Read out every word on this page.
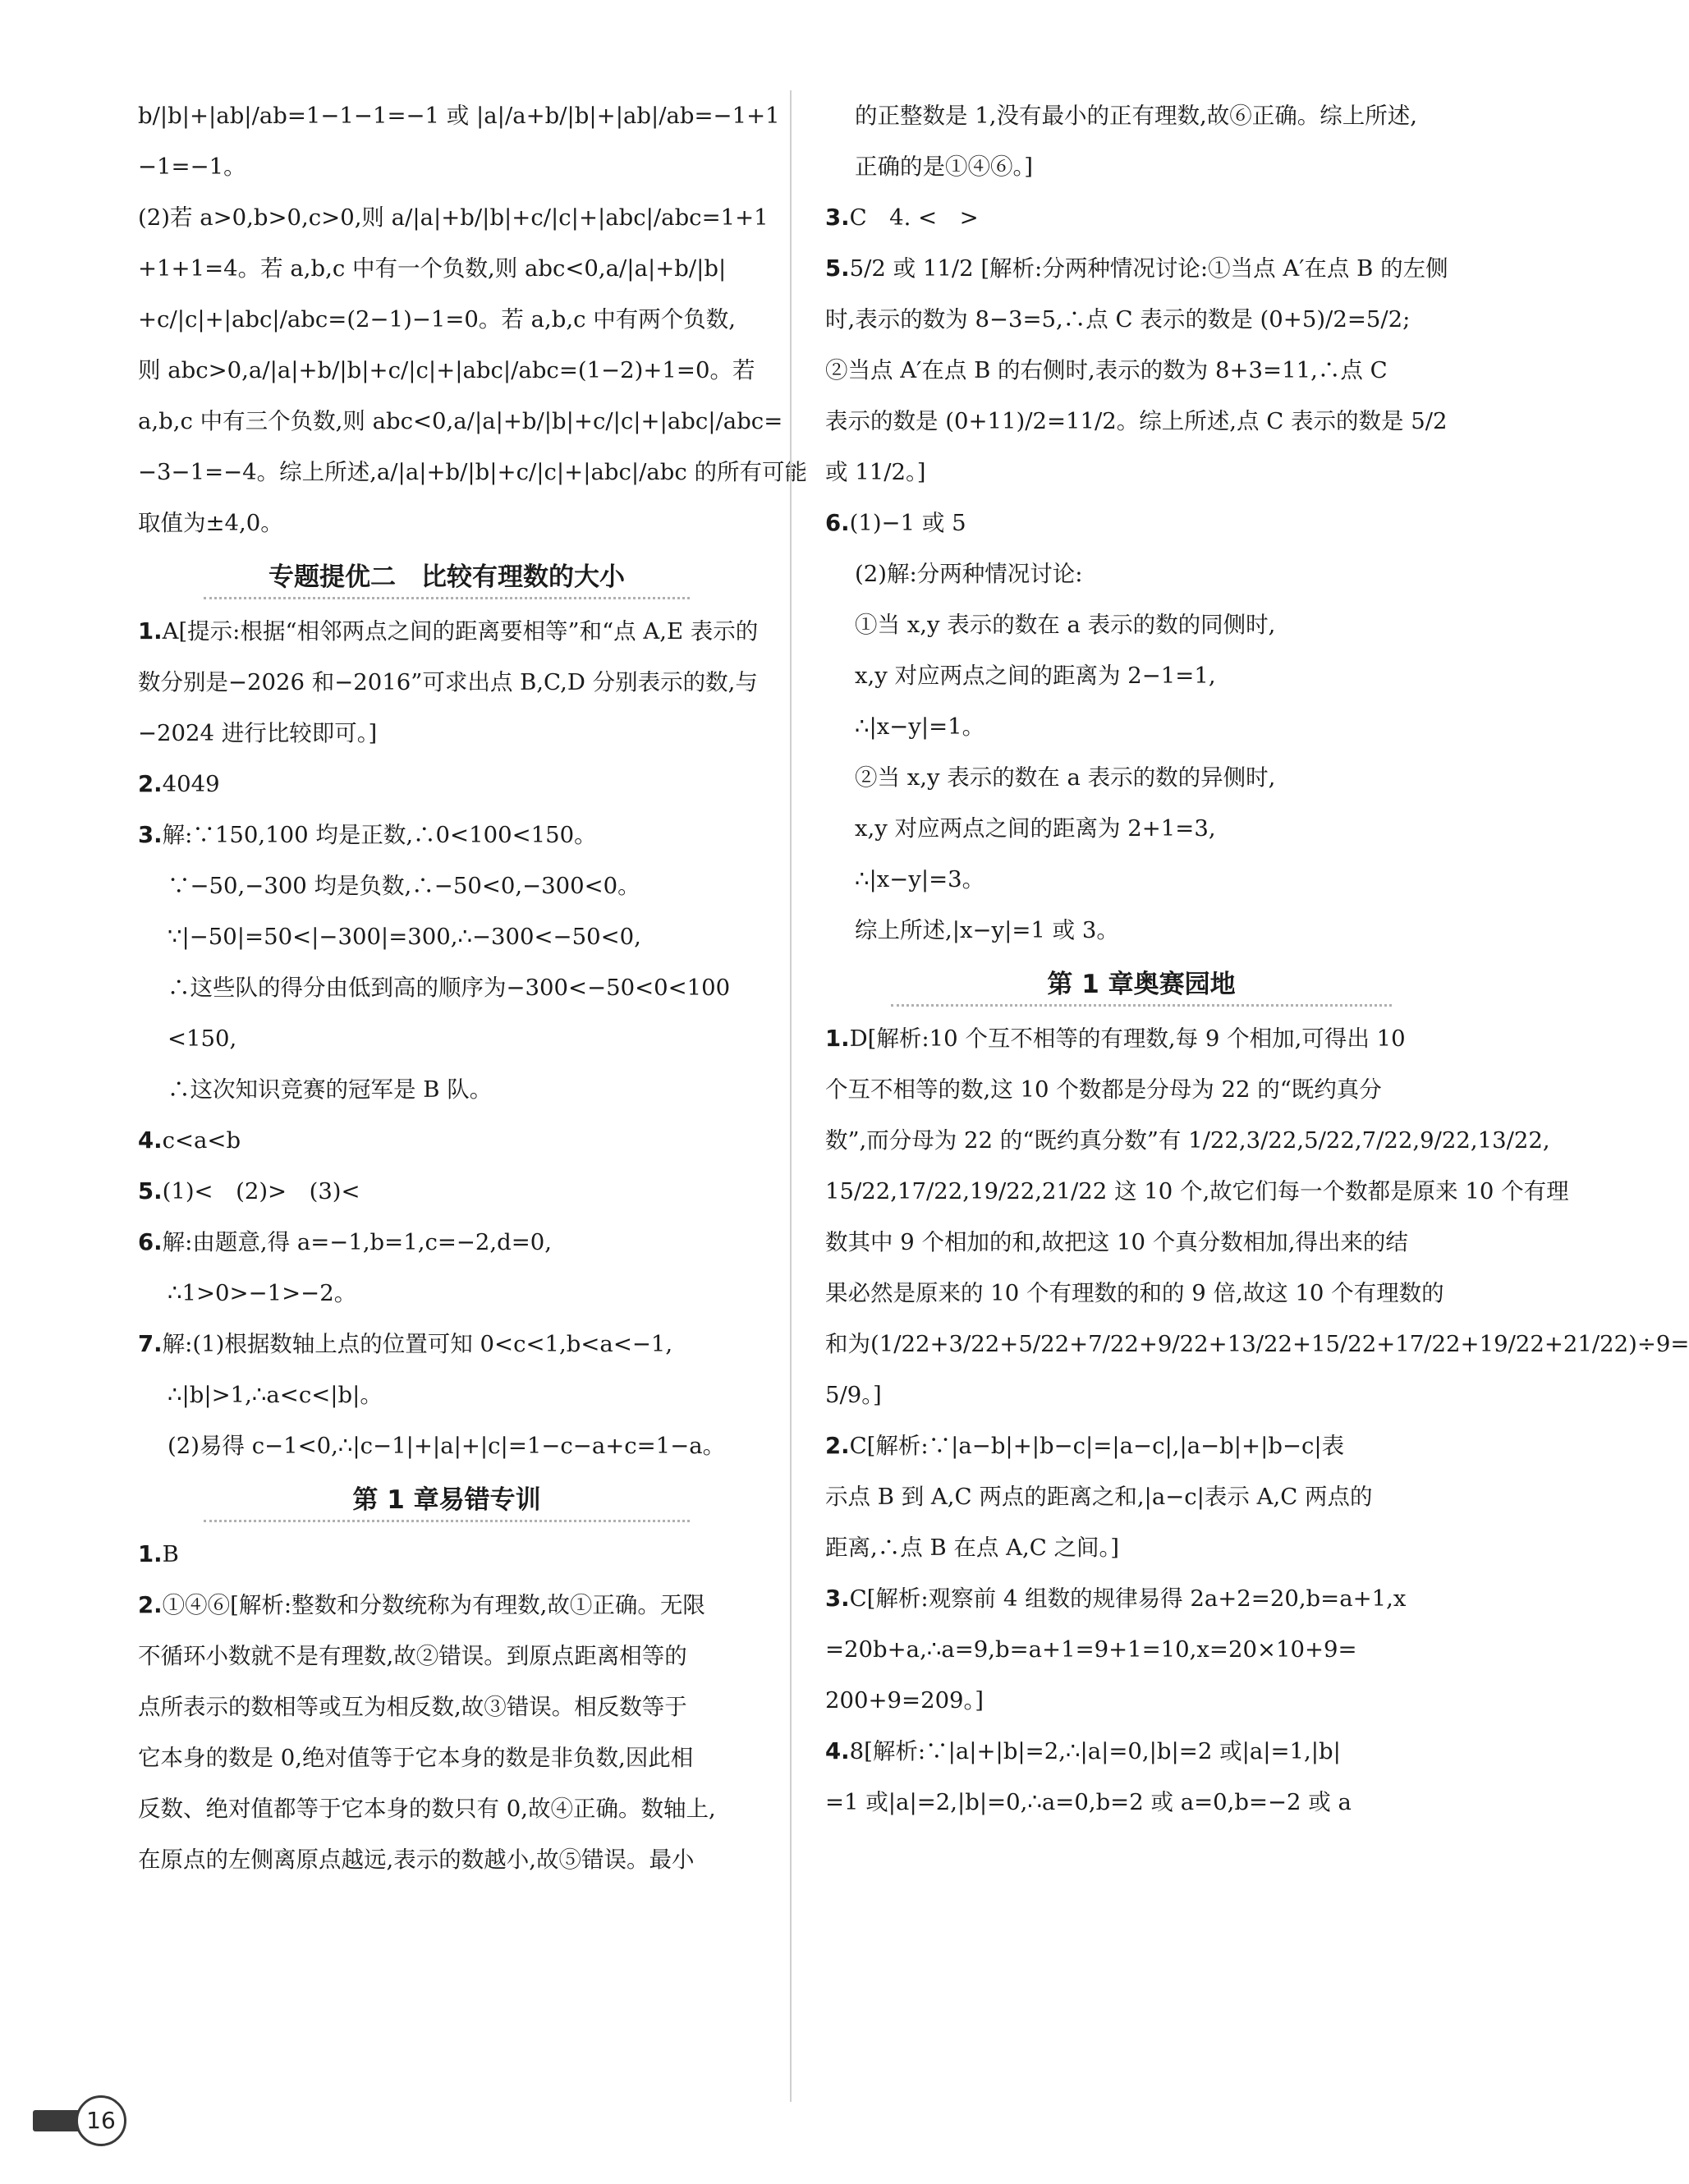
b/|b|+|ab|/ab=1−1−1=−1 或 |a|/a+b/|b|+|ab|/ab=−1+1
−1=−1。
(2)若 a>0,b>0,c>0,则 a/|a|+b/|b|+c/|c|+|abc|/abc=1+1
+1+1=4。若 a,b,c 中有一个负数,则 abc<0,a/|a|+b/|b|
+c/|c|+|abc|/abc=(2−1)−1=0。若 a,b,c 中有两个负数,
则 abc>0,a/|a|+b/|b|+c/|c|+|abc|/abc=(1−2)+1=0。若
a,b,c 中有三个负数,则 abc<0,a/|a|+b/|b|+c/|c|+|abc|/abc=
−3−1=−4。综上所述,a/|a|+b/|b|+c/|c|+|abc|/abc 的所有可能
取值为±4,0。
专题提优二　比较有理数的大小
1.A[提示:根据“相邻两点之间的距离要相等”和“点 A,E 表示的
数分别是−2026 和−2016”可求出点 B,C,D 分别表示的数,与
−2024 进行比较即可。]
2.4049
3.解:∵150,100 均是正数,∴0<100<150。
∵−50,−300 均是负数,∴−50<0,−300<0。
∵|−50|=50<|−300|=300,∴−300<−50<0,
∴这些队的得分由低到高的顺序为−300<−50<0<100
<150,
∴这次知识竞赛的冠军是 B 队。
4.c<a<b
5.(1)<　(2)>　(3)<
6.解:由题意,得 a=−1,b=1,c=−2,d=0,
∴1>0>−1>−2。
7.解:(1)根据数轴上点的位置可知 0<c<1,b<a<−1,
∴|b|>1,∴a<c<|b|。
(2)易得 c−1<0,∴|c−1|+|a|+|c|=1−c−a+c=1−a。
第 1 章易错专训
1.B
2.①④⑥[解析:整数和分数统称为有理数,故①正确。无限
不循环小数就不是有理数,故②错误。到原点距离相等的
点所表示的数相等或互为相反数,故③错误。相反数等于
它本身的数是 0,绝对值等于它本身的数是非负数,因此相
反数、绝对值都等于它本身的数只有 0,故④正确。数轴上,
在原点的左侧离原点越远,表示的数越小,故⑤错误。最小
的正整数是 1,没有最小的正有理数,故⑥正确。综上所述,
正确的是①④⑥。]
3.C　4. <　>
5.5/2 或 11/2 [解析:分两种情况讨论:①当点 A′在点 B 的左侧
时,表示的数为 8−3=5,∴点 C 表示的数是 (0+5)/2=5/2;
②当点 A′在点 B 的右侧时,表示的数为 8+3=11,∴点 C
表示的数是 (0+11)/2=11/2。综上所述,点 C 表示的数是 5/2
或 11/2。]
6.(1)−1 或 5
(2)解:分两种情况讨论:
①当 x,y 表示的数在 a 表示的数的同侧时,
x,y 对应两点之间的距离为 2−1=1,
∴|x−y|=1。
②当 x,y 表示的数在 a 表示的数的异侧时,
x,y 对应两点之间的距离为 2+1=3,
∴|x−y|=3。
综上所述,|x−y|=1 或 3。
第 1 章奥赛园地
1.D[解析:10 个互不相等的有理数,每 9 个相加,可得出 10
个互不相等的数,这 10 个数都是分母为 22 的“既约真分
数”,而分母为 22 的“既约真分数”有 1/22,3/22,5/22,7/22,9/22,13/22,
15/22,17/22,19/22,21/22 这 10 个,故它们每一个数都是原来 10 个有理
数其中 9 个相加的和,故把这 10 个真分数相加,得出来的结
果必然是原来的 10 个有理数的和的 9 倍,故这 10 个有理数的
和为(1/22+3/22+5/22+7/22+9/22+13/22+15/22+17/22+19/22+21/22)÷9=
5/9。]
2.C[解析:∵|a−b|+|b−c|=|a−c|,|a−b|+|b−c|表
示点 B 到 A,C 两点的距离之和,|a−c|表示 A,C 两点的
距离,∴点 B 在点 A,C 之间。]
3.C[解析:观察前 4 组数的规律易得 2a+2=20,b=a+1,x
=20b+a,∴a=9,b=a+1=9+1=10,x=20×10+9=
200+9=209。]
4.8[解析:∵|a|+|b|=2,∴|a|=0,|b|=2 或|a|=1,|b|
=1 或|a|=2,|b|=0,∴a=0,b=2 或 a=0,b=−2 或 a
16
